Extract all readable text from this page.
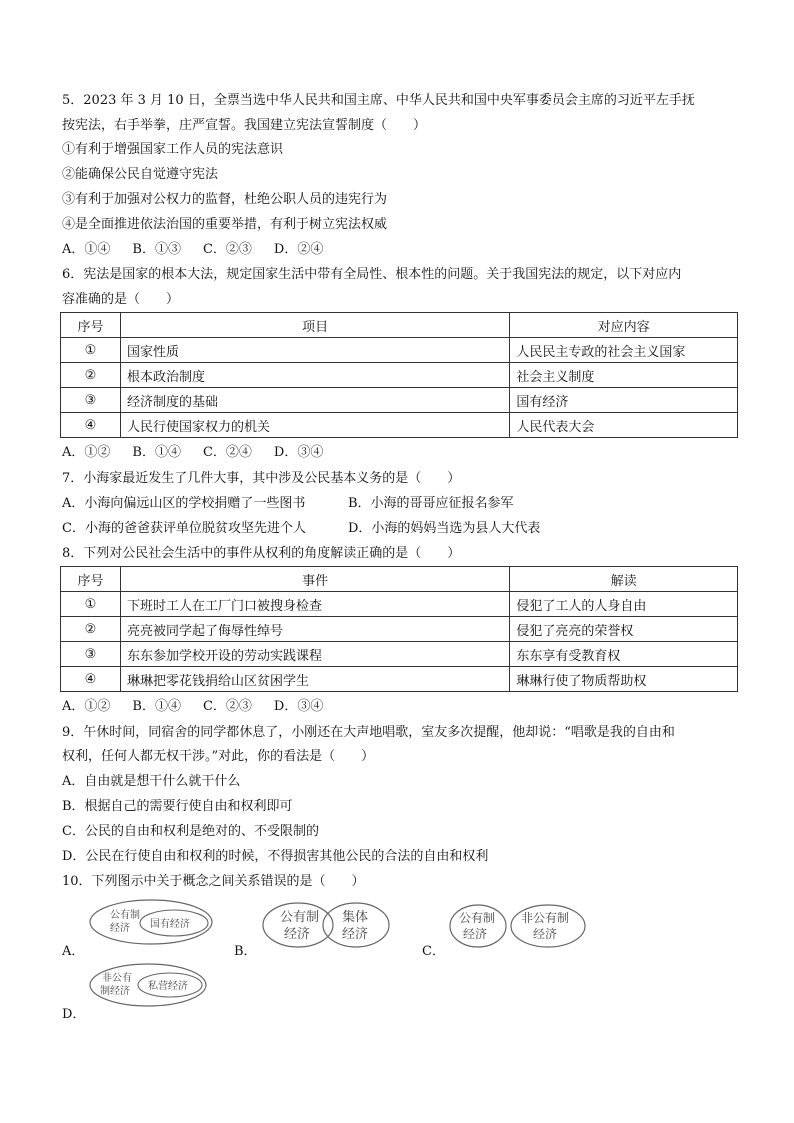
5．2023 年 3 月 10 日，全票当选中华人民共和国主席、中华人民共和国中央军事委员会主席的习近平左手抚
按宪法，右手举拳，庄严宣誓。我国建立宪法宣誓制度（　　）
①有利于增强国家工作人员的宪法意识
②能确保公民自觉遵守宪法
③有利于加强对公权力的监督，杜绝公职人员的违宪行为
④是全面推进依法治国的重要举措，有利于树立宪法权威
A．①④ B．①③ C．②③ D．②④
6．宪法是国家的根本大法，规定国家生活中带有全局性、根本性的问题。关于我国宪法的规定，以下对应内
容准确的是（　　）
序号	项目	对应内容
①	国家性质	人民民主专政的社会主义国家
②	根本政治制度	社会主义制度
③	经济制度的基础	国有经济
④	人民行使国家权力的机关	人民代表大会
A．①② B．①④ C．②④ D．③④
7．小海家最近发生了几件大事，其中涉及公民基本义务的是（　　）
A．小海向偏远山区的学校捐赠了一些图书	B．小海的哥哥应征报名参军
C．小海的爸爸获评单位脱贫攻坚先进个人	D．小海的妈妈当选为县人大代表
8．下列对公民社会生活中的事件从权利的角度解读正确的是（　　）
序号	事件	解读
①	下班时工人在工厂门口被搜身检查	侵犯了工人的人身自由
②	亮亮被同学起了侮辱性绰号	侵犯了亮亮的荣誉权
③	东东参加学校开设的劳动实践课程	东东享有受教育权
④	琳琳把零花钱捐给山区贫困学生	琳琳行使了物质帮助权
A．①② B．①④ C．②③ D．③④
9．午休时间，同宿舍的同学都休息了，小刚还在大声地唱歌，室友多次提醒，他却说：“唱歌是我的自由和
权利，任何人都无权干涉。”对此，你的看法是（　　）
A．自由就是想干什么就干什么
B．根据自己的需要行使自由和权利即可
C．公民的自由和权利是绝对的、不受限制的
D．公民在行使自由和权利的时候，不得损害其他公民的合法的自由和权利
10．下列图示中关于概念之间关系错误的是（　　）
A．
公有制
经济 国有经济
B．
公有制
经济
集体
经济
C．
公有制
经济
非公有制
经济
D．
非公有
制经济 私营经济
